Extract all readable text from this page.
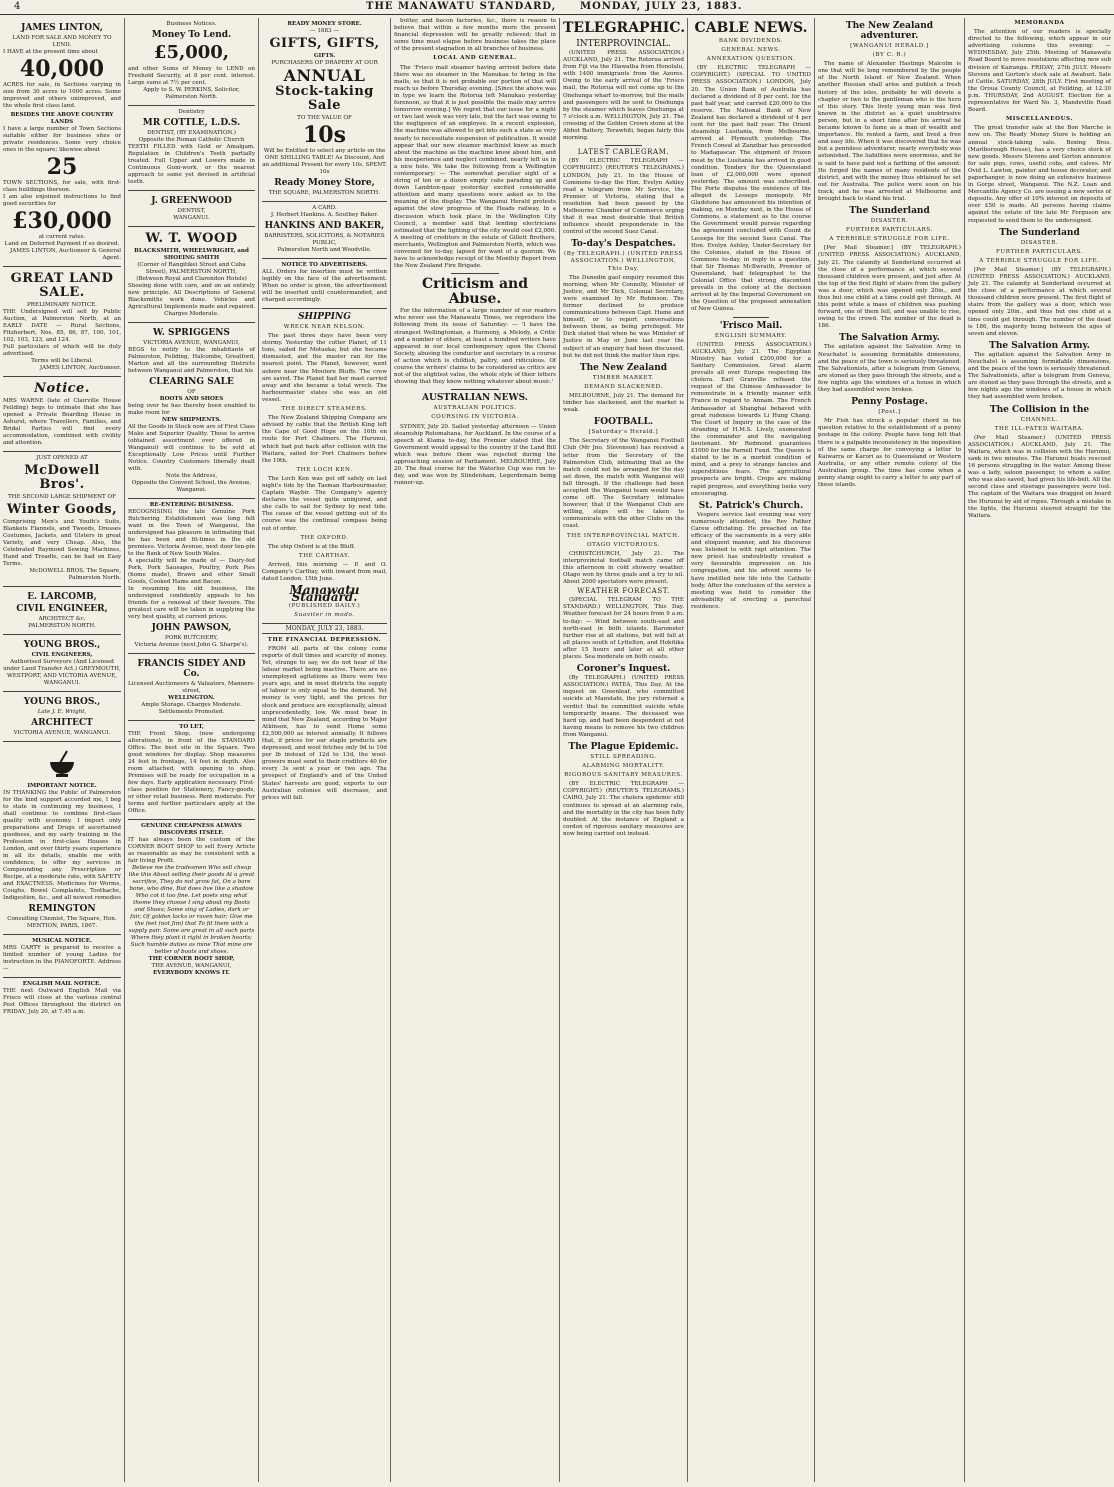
4	THE MANAWATU STANDARD, MONDAY, JULY 23, 1883.
JAMES LINTON,
LAND FOR SALE AND MONEY TO LEND.
I HAVE at the present time about
40,000
ACRES for sale, in Sections varying in size from 30 acres to 1000 acres. Some improved and others unimproved, and the whole first class land.
BESIDES THE ABOVE COUNTRY LANDS
I have a large number of Town Sections suitable either for business sites or private residences. Some very choice ones in the square; likewise about
25
TOWN SECTIONS, for sale, with first-class buildings thereon.
I am also enjoined instructions to find good securities for
£30,000
at current rates.
Land on Deferred Payment if so desired.
JAMES LINTON, Auctioneer & General Agent.
GREAT LAND SALE.
PRELIMINARY NOTICE.
THE Undersigned will sell by Public Auction, at Palmerston North, at an EARLY DATE — Rural Sections, Fitzherbert, Nos. 85, 86, 87, 100, 101, 102, 103, 123, and 124.
Full particulars of which will be duly advertised.
Terms will be Liberal.
JAMES LINTON, Auctioneer.
Notice.
MRS WARNE (late of Clairville House Feilding) begs to intimate that she has opened a Private Boarding House in Ashurst, where Travellers, Families, and Bridal Parties will find every accommodation, combined with civility and attention.
JUST OPENED AT
McDowell Bros'.
THE SECOND LARGE SHIPMENT OF
Winter Goods,
Comprising Men's and Youth's Suits, Blankets Flannels, and Tweeds, Dresses Costumes, Jackets, and Ulsters in great Variety, and very Cheap. Also, the Celebrated Raymond Sewing Machines, Hand and Treadle, can be had on Easy Terms.
McDOWELL BROS, The Square, Palmerston North.
E. LARCOMB,
CIVIL ENGINEER,
ARCHITECT &c.
PALMERSTON NORTH.
YOUNG BROS.,
CIVIL ENGINEERS,
Authorised Surveyors (And Licensed under Land Transfer Act.) GREYMOUTH, WESTPORT, AND VICTORIA AVENUE, WANGANUI.
YOUNG BROS.,
Late J. E. Wright,
ARCHITECT
VICTORIA AVENUE, WANGANUI.
IMPORTANT NOTICE.
IN THANKING the Public of Palmerston for the kind support accorded me, I beg to state in continuing my business, I shall continue to combine first-class quality with economy. I import only preparations and Drugs of ascertained goodness, and my early training in the Profession in first-class Houses in London, and over thirty years experience in all its details, enable me with confidence, to offer my services in Compounding any Prescription or Recipe, at a moderate rate, with SAFETY and EXACTNESS. Medicines for Worms, Coughs, Bowel Complaints, Toothache, Indigestion, &c., and all newest remedies
REMINGTON
Consulting Chemist, The Square, Hon. MENTION, PARIS, 1867.
MUSICAL NOTICE.
MRS CARTY is prepared to receive a limited number of young Ladies for instruction in the PIANOFORTE. Address —
ENGLISH MAIL NOTICE.
THE next Outward English Mail via Frisco will close at the various central Post Offices throughout the district on FRIDAY, July 20, at 7.45 a.m.
Business Notices.
Money To Lend.
£5,000,
and other Sums of Money to LEND on Freehold Security, at 8 per cent. interest. Large sums at 7½ per cent.
Apply to S. W. PERKINS, Solicitor, Palmerston North.
Dentistry
MR COTTLE, L.D.S.
DENTIST, (BY EXAMINATION.)
Opposite the Roman Catholic Church
TEETH FILLED with Gold or Amalgam. Regulation in Children's Teeth partially treated. Full Upper and Lowers made in Continuous Gum-work, or the nearest approach to same yet devised in artificial teeth.
J. GREENWOOD
DENTIST,
WANGANUI.
W. T. WOOD
BLACKSMITH, WHEELWRIGHT, and SHOEING SMITH
(Corner of Rangitikei Street and Cuba Street), PALMERSTON NORTH,
(Between Royal and Clarendon Hotels)
Shoeing done with care, and on an entirely new principle. All Descriptions of General Blacksmiths work done. Vehicles and Agricultural Implements made and repaired.
Charges Moderate.
W. SPRIGGENS
VICTORIA AVENUE, WANGANUI,
BEGS to notify to the inhabitants of Palmerston, Feilding, Halcombe, Greatford, Marton and all the surrounding Districts between Wanganui and Palmerston, that his
CLEARING SALE
OF
BOOTS AND SHOES
being over he has thereby been enabled to make room for
NEW SHIPMENTS.
All the Goods in Stock now are of First Class Make and Superior Quality. Those to arrive (obtained assortment over offered in Wanganui) will continue to be sold at Exceptionally Low Prices until Further Notice. Country Customers liberally dealt with.
Note the Address,
Opposite the Convent School, the Avenue, Wanganui.
RE-ENTERING BUSINESS.
RECOGNISING the late Genuine Pork Butchering Establishment was long felt want in the Town of Wanganui, the undersigned has pleasure in intimating that he has been and fit-times in the old premises. Victoria Avenue, next door ten-pin to the Bank of New South Wales.
A speciality will be made of — Dairy-fed Pork, Pork Sausages, Poultry, Pork Pies (home made), Brawn and other Small Goods, Cooked Hams and Bacon.
In resuming his old business, the undersigned confidently appeals to his friends for a renewal of their favours. The greatest care will be taken in supplying the very best quality, at current prices.
JOHN PAWSON,
PORK BUTCHERY,
Victoria Avenue (next John G. Sharpe's).
FRANCIS SIDEY AND Co.
Licensed Auctioneers & Valuators, Manners-street,
WELLINGTON.
Ample Storage. Charges Moderate.
Settlements Promoted.
TO LET,
THE Front Shop, (now undergoing alterations), in front of the STANDARD Office. The best site in the Square. Two good windows for display. Shop measures 24 feet in frontage, 14 feet in depth. Also room attached, with opening to shop. Premises will be ready for occupation in a few days. Early application necessary. First-class position for Stationery, Fancy-goods, or other retail business. Rent moderate. For terms and further particulars apply at the Office.
GENUINE CHEAPNESS ALWAYS DISCOVERS ITSELF.
IT has always been the custom of the CORNER BOOT SHOP to sell Every Article as reasonable as may be consistent with a fair living Profit.
Believe me the tradesmen Who sell cheap like this About selling their goods At a great sacrifice, They do not grow fat, On a bare bone, who dine, But does live like a shadow Who cot it too fine. Let poets sing what theme they choose I sing about my Boots and Shoes; Some sing of Ladies, dark or fair, Of golden locks or raven hair; Give me the feet (not Jim) that To fit them with a supply pair. Some are great in all such parts Where they plant it right in broken hearts; Such humble duties as mine That mine are better of boots and shoes.
THE CORNER BOOT SHOP,
THE AVENUE, WANGANUI,
EVERYBODY KNOWS IT.
READY MONEY STORE.
— 1883 —
GIFTS, GIFTS,
GIFTS.
PURCHASERS OF DRAPERY AT OUR
ANNUAL
Stock-taking Sale
TO THE VALUE OF
10s
Will be Entitled to select any article on the ONE SHILLING TABLE! As Discount, And an additional Present for every 10s. SPENT. 10s
Ready Money Store,
THE SQUARE, PALMERSTON NORTH.
A CARD.
J. Herbert Hankins. A. Southey Baker.
HANKINS AND BAKER,
BARRISTERS, SOLICITORS, & NOTARIES PUBLIC,
Palmerston North and Woodville.
NOTICE TO ADVERTISERS.
ALL Orders for insertion must be written legibly on the face of the advertisement. When no order is given, the advertisement will be inserted until countermanded, and charged accordingly.
SHIPPING
WRECK NEAR NELSON.
The past three days have been very stormy. Yesterday the cutter Planet, of 11 tons, sailed for Motueka; but she became dismasted, and the master ran for the nearest point. The Planet, however, went ashore near the Moutere Bluffs. The crew are saved. The Planet had her mast carried away and she became a total wreck. The harbourmaster states she was an old vessel.
THE DIRECT STEAMERS.
The New Zealand Shipping Company are advised by cable that the British King left the Cape of Good Hope on the 16th en route for Port Chalmers. The Hurunui, which had put back after collision with the Waitara, sailed for Port Chalmers before the 19th.
THE LOCH KEN.
The Loch Ken was got off safely on last night's tide by the Tasman Harbourmaster, Captain Waybir. The Company's agency declares the vessel quite uninjured, and she calls to sail for Sydney by next tide. The cause of the vessel getting out of its course was the continual compass being out of order.
THE OXFORD.
The ship Oxford is at the Bluff.
THE CARTHAY.
Arrived, this morning — P. and O. Company's Carthay, with inward from mail, dated London, 15th June.
Manawatu Standard.
(PUBLISHED DAILY.)
Suaviter in modo.
MONDAY, JULY 23, 1883.
THE FINANCIAL DEPRESSION.
FROM all parts of the colony come reports of dull times and scarcity of money. Yet, strange to say, we do not hear of the labour market being inactive. There are no unemployed agitations as there were two years ago, and in most districts the supply of labour is only equal to the demand. Yet money is very tight, and the prices for stock and produce are exceptionally, almost unprecedentedly, low. We must bear in mind that New Zealand, according to Major Atkinson, has to send Home some £2,500,000 as interest annually. It follows that, if prices for our staple products are depressed, and wool fetches only 9d to 10d per lb instead of 12d to 13d, the wool-growers must send to their creditors 40 for every 3s sent a year or two ago. The prospect of England's and of the United States' harvests are good, exports to our Australian colonies will decrease, and prices will fall.
butter, and bacon factories, &c., there is reason to believe that within a few months more the present financial depression will be greatly relieved; that in some time must elapse before business takes the place of the present stagnation in all branches of business.
LOCAL AND GENERAL.
The 'Frisco mail steamer having arrived before date there was no steamer in the Manukau to bring in the mails, so that it is not probable our portion of that will reach us before Thursday evening. [Since the above was in type we learn the Rotorua left Manukau yesterday forenoon, so that it is just possible the mails may arrive tomorrow evening.] We regret that our issue for a night or two last week was very late, but the fact was owing to the negligence of an employee. In a recent explosion, the machine was allowed to get into such a state as very nearly to necessitate suspension of publication. It would appear that our new steamer machinist knew as much about the machine as the machine knew about him, and his inexperience and neglect combined, nearly left us in a nice hole. We take the following from a Wellington contemporary: — The somewhat peculiar sight of a string of ten or a dozen empty cabs parading up and down Lambton-quay yesterday excited considerable attention and many questions were asked as to the meaning of the display. The Wanganui Herald protests against the slow progress of the Heads railway. In a discussion which took place in the Wellington City Council, a member said that lending electricians estimated that the lighting of the city would cost £2,000. A meeting of creditors in the estate of Gillett Brothers, merchants, Wellington and Palmerston North, which was convened for to-day, lapsed for want of a quorum. We have to acknowledge receipt of the Monthly Report from the New Zealand Fire Brigade.
Criticism and Abuse.
For the information of a large number of our readers who never see the Manawatu Times, we reproduce the following from its issue of Saturday: — 'I have the strangest Wellingtonian, a Harmony, a Melody, a Critic and a number of others, at least a hundred writers have appeared in our local contemporary upon the Choral Society, abusing the conductor and secretary in a course of action which is childish, paltry, and ridiculous. Of course the writers' claims to be considered as critics are not of the slightest value, the whole style of their letters showing that they know nothing whatever about music.'
AUSTRALIAN NEWS.
AUSTRALIAN POLITICS.
COURSING IN VICTORIA.
SYDNEY, July 20. Sailed yesterday afternoon — Union steamship Rotomahana, for Auckland. In the course of a speech at Kiama to-day, the Premier stated that the Government would appeal to the country if the Land Bill which was before them was rejected during the approaching session of Parliament. MELBOURNE, July 20. The final course for the Waterloo Cup was run to-day, and was won by Slindenham, Legerdemain being runner-up.
TELEGRAPHIC.
INTERPROVINCIAL.
(UNITED PRESS ASSOCIATION.) AUCKLAND, July 21. The Rotorua arrived from Fiji via the Hiawatha from Honolulu, with 1400 immigrants from the Azores. Owing to the early arrival of the 'Frisco mail, the Rotorua will not come up to the Onehunga wharf to-morrow, but the mails and passengers will be sent to Onehunga by the steamer which leaves Onehunga at 7 o'clock a.m. WELLINGTON, July 21. The crossing of the Golden Crown stone at the Abbot Battery, Terawhiti, began fairly this morning.
LATEST CABLEGRAM.
(BY ELECTRIC TELEGRAPH — COPYRIGHT.) (REUTER'S TELEGRAMS.) LONDON, July 21. In the House of Commons to-day the Hon. Evelyn Ashley read a telegram from Mr Service, the Premier of Victoria, stating that a resolution had been passed by the Melbourne Chamber of Commerce urging that it was most desirable that British influence should preponderate in the control of the second Suez Canal.
To-day's Despatches.
(By TELEGRAPH.) (UNITED PRESS ASSOCIATION.) WELLINGTON, This Day.
The Dunedin gaol enquiry resumed this morning, when Mr Connolly, Minister of Justice, and Mr Dick, Colonial Secretary, were examined by Mr Robinson. The former declined to produce communications between Capt. Hume and himself, or to report conversations between them, as being privileged. Mr Dick stated that when he was Minister of Justice in May or June last year the subject of an enquiry had been discussed, but he did not think the matter then ripe.
The New Zealand
TIMBER MARKET.
DEMAND SLACKENED.
MELBOURNE, July 21. The demand for timber has slackened, and the market is weak.
FOOTBALL.
[Saturday's Herald.]
The Secretary of the Wanganui Football Club (Mr Jno. Stevenson) has received a letter from the Secretary of the Palmerston Club, intimating that as the match could not be arranged for the day set down, the match with Wanganui will fall through. If the challenge had been accepted the Wanganui team would have come off. The Secretary intimates however, that if the Wanganui Club are willing, steps will be taken to communicate with the other Clubs on the coast.
THE INTERPROVINCIAL MATCH.
OTAGO VICTORIOUS.
CHRISTCHURCH, July 21. The interprovincial football match came off this afternoon in cold showery weather. Otago won by three goals and a try to nil. About 2000 spectators were present.
WEATHER FORECAST.
(SPECIAL TELEGRAM TO THE STANDARD.) WELLINGTON, This Day. Weather forecast for 24 hours from 9 a.m. to-day: — Wind between south-east and north-east in both islands. Barometer further rise at all stations, but will fall at all places south of Lyttelton, and Hokitika after 15 hours and later at all other places. Sea moderate on both coasts.
Coroner's Inquest.
(By TELEGRAPH.) (UNITED PRESS ASSOCIATION.) PATEA, This Day. At the inquest on Greenleaf, who committed suicide at Manutahi, the jury returned a verdict that he committed suicide while temporarily insane. The deceased was hard up, and had been despondent at not having means to remove his two children from Wanganui.
The Plague Epidemic.
STILL SPREADING.
ALARMING MORTALITY.
RIGOROUS SANITARY MEASURES.
(BY ELECTRIC TELEGRAPH — COPYRIGHT.) (REUTER'S TELEGRAMS.) CAIRO, July 21. The cholera epidemic still continues to spread at an alarming rate, and the mortality in the city has been fully doubled. At the instance of England a cordon of rigorous sanitary measures are now being carried out instead.
CABLE NEWS.
BANK DIVIDENDS.
GENERAL NEWS.
ANNEXATION QUESTION.
(BY ELECTRIC TELEGRAPH — COPYRIGHT.) (SPECIAL TO UNITED PRESS ASSOCIATION.) LONDON, July 20. The Union Bank of Australia has declared a dividend of 8 per cent. for the past half year, and carried £20,000 to the reserve. The National Bank of New Zealand has declared a dividend of 4 per cent for the past half year. The Orient steamship Lusitania, from Melbourne, arrived at Plymouth yesterday. The French Consul at Zanzibar has proceeded to Madagascar. The shipment of frozen meat by the Lusitania has arrived in good condition. Tenders for the Queensland loan of £2,000,000 were opened yesterday. The amount was subscribed. The Porte disputes the existence of the alleged de Lesseps monopoly. Mr Gladstone has announced his intention of making, on Monday next, in the House of Commons, a statement as to the course the Government would pursue regarding the agreement concluded with Count de Lesseps for the second Suez Canal. The Hon. Evelyn Ashley, Under-Secretary for the Colonies, stated in the House of Commons to-day, in reply to a question, that Sir Thomas McIlwraith, Premier of Queensland, had telegraphed to the Colonial Office that strong discontent prevails in the colony at the decision arrived at by the Imperial Government on the Question of the proposed annexation of New Guinea.
'Frisco Mail.
ENGLISH SUMMARY.
(UNITED PRESS ASSOCIATION.) AUCKLAND, July 21. The Egyptian Ministry has voted £200,000 for a Sanitary Commission. Great alarm prevails all over Europe respecting the cholera. Earl Granville refused the request of the Chinese Ambassador to remonstrate in a friendly manner with France in regard to Annam. The French Ambassador at Shanghai behaved with great rudeness towards Li Hung Chang. The Court of Inquiry in the case of the stranding of H.M.S. Lively, exonerated the commander and the navigating lieutenant. Mr Redmond guarantees £1000 for the Parnell Fund. The Queen is stated to be in a morbid condition of mind, and a prey to strange fancies and superstitious fears. The agricultural prospects are bright. Crops are making rapid progress, and everything looks very encouraging.
St. Patrick's Church.
Vespers service last evening was very numerously attended, the Rev Father Carew officiating. He preached on the efficacy of the sacraments in a very able and eloquent manner, and his discourse was listened to with rapt attention. The new priest has undoubtedly created a very favourable impression on his congregation, and his advent seems to have instilled new life into the Catholic body. After the conclusion of the service a meeting was held to consider the advisability of erecting a parochial residence.
The New Zealand adventurer.
[WANGANUI HERALD.]
(BY C. R.)
The name of Alexander Hastings Malcolm is one that will be long remembered by the people of the North Island of New Zealand. When another Russian shall arise and publish a fresh history of the isles, probably he will devote a chapter or two to the gentleman who is the hero of this story. This lively young man was first known in the district as a quiet unobtrusive person, but in a short time after his arrival he became known to fame as a man of wealth and importance. He rented a farm, and lived a free and easy life. When it was discovered that he was but a penniless adventurer, nearly everybody was astonished. The liabilities were enormous, and he is said to have paid not a farthing of the amount. He forged the names of many residents of the district, and with the money thus obtained he set out for Australia. The police were soon on his track, and he was arrested at Melbourne and brought back to stand his trial.
The Sunderland
DISASTER.
FURTHER PARTICULARS.
A TERRIBLE STRUGGLE FOR LIFE.
[Per Mail Steamer.] (BY TELEGRAPH.) (UNITED PRESS ASSOCIATION.) AUCKLAND, July 21. The calamity at Sunderland occurred at the close of a performance at which several thousand children were present, and just after. At the top of the first flight of stairs from the gallery was a door, which was opened only 20in., and thus but one child at a time could get through. At this point while a mass of children was pushing forward, one of them fell, and was unable to rise, owing to the crowd. The number of the dead is 186.
The Salvation Army.
The agitation against the Salvation Army in Neuchatel is assuming formidable dimensions, and the peace of the town is seriously threatened. The Salvationists, after a telegram from Geneva, are stoned as they pass through the streets, and a few nights ago the windows of a house in which they had assembled were broken.
Penny Postage.
[Post.]
Mr Fish has struck a popular chord in his question relative to the establishment of a penny postage in the colony. People have long felt that there is a palpable inconsistency in the imposition of the same charge for conveying a letter to Kaiwarra or Karori as to Queensland or Western Australia, or any other remote colony of the Australian group. The time has come when a penny stamp ought to carry a letter to any part of these islands.
MEMORANDA
The attention of our readers is specially directed to the following, which appear in our advertising columns this evening: — WEDNESDAY, July 25th. Meeting of Manawatu Road Board to move resolutions affecting new sub division of Kairanga. FRIDAY, 27th JULY. Messrs Stevens and Gorton's stock sale at Awahuri. Sale of Cattle. SATURDAY, 28th JULY. First meeting of the Oroua County Council, at Feilding, at 12.30 p.m. THURSDAY, 2nd AUGUST. Election for a representative for Ward No. 3, Mandeville Road Board.
MISCELLANEOUS.
The great transfer sale at the Bon Marche is now on. The Ready Money Store is holding an annual stock-taking sale. Boxing Bros. (Marlborough House), has a very choice stock of new goods. Messrs Stevens and Gorton announce for sale pigs, cows, useful cobs, and calves. Mr Ovid L. Lawton, painter and house decorator, and paperhanger, is now doing an extensive business in Gorge street, Wanganui. The N.Z. Loan and Mercantile Agency Co. are issuing a new series of deposits. Any offer of 10% interest on deposits of over £50 is made. All persons having claims against the estate of the late Mr Ferguson are requested to send them to the undersigned.
The Sunderland
DISASTER.
FURTHER PARTICULARS.
A TERRIBLE STRUGGLE FOR LIFE.
[Per Mail Steamer.] (BY TELEGRAPH.) (UNITED PRESS ASSOCIATION.) AUCKLAND, July 21. The calamity at Sunderland occurred at the close of a performance at which several thousand children were present. The first flight of stairs from the gallery was a door, which was opened only 20in., and thus but one child at a time could get through. The number of the dead is 186, the majority being between the ages of seven and eleven.
The Salvation Army.
The agitation against the Salvation Army in Neuchatel is assuming formidable dimensions, and the peace of the town is seriously threatened. The Salvationists, after a telegram from Geneva, are stoned as they pass through the streets, and a few nights ago the windows of a house in which they had assembled were broken.
The Collision in the
CHANNEL.
THE ILL-FATED WAITARA.
(Per Mail Steamer.) (UNITED PRESS ASSOCIATION.) AUCKLAND, July 21. The Waitara, which was in collision with the Hurunui, sank in two minutes. The Hurunui boats rescued 16 persons struggling in the water. Among these was a lady, saloon passenger, to whom a sailor, who was also saved, had given his life-belt. All the second class and steerage passengers were lost. The captain of the Waitara was dragged on board the Hurunui by aid of ropes. Through a mistake in the lights, the Hurunui steered straight for the Waitara.
